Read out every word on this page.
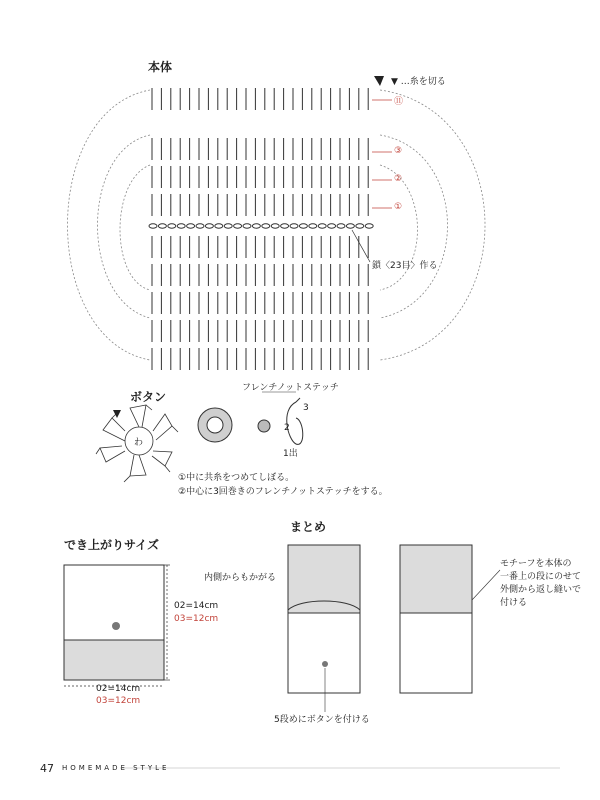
本体
▼ …糸を切る
⑪
③
②
①
鎖〈23目〉作る
ボタン
わ
フレンチノットステッチ
3
2
1出
①中に共糸をつめてしぼる。
②中心に3回巻きのフレンチノットステッチをする。
でき上がりサイズ
02=14cm
03=12cm
02=14cm
03=12cm
まとめ
内側からもかがる
5段めにボタンを付ける
モチーフを本体の
一番上の段にのせて
外側から返し縫いで
付ける
47 HOMEMADE STYLE
